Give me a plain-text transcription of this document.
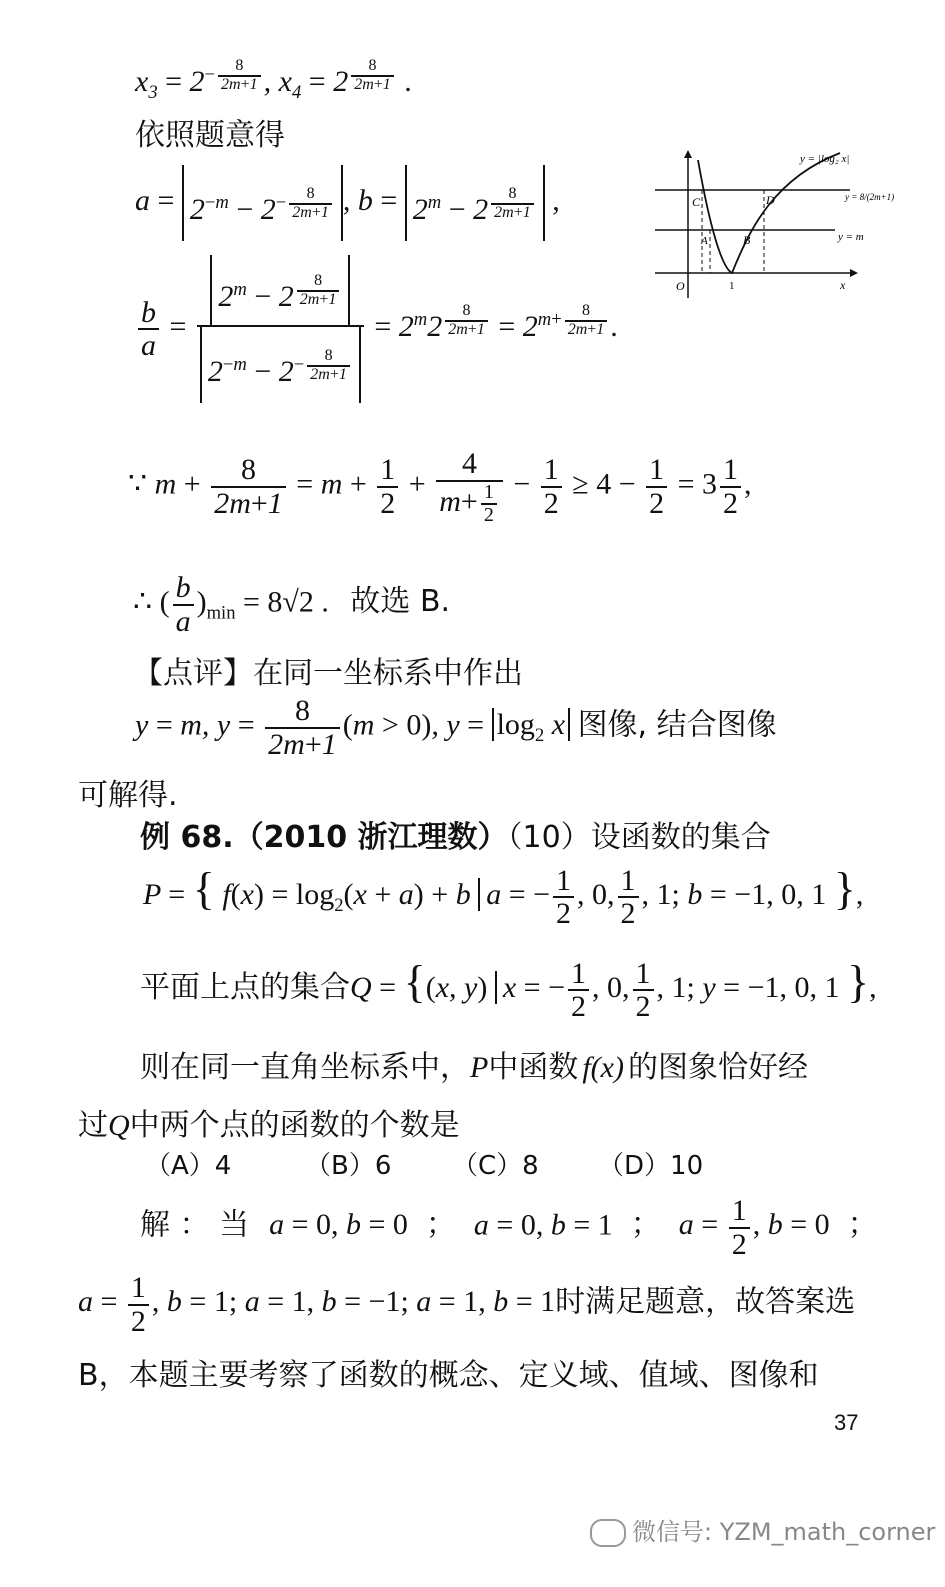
$x_3 = 2^{- \frac{8}{2m+1}}$ , $x_4 = 2$ $^{\frac{8}{2m+1}}$ .
依照题意得
$a = 2^{-m} - 2^{- \frac{8}{2m+1}}$ , $b = 2^m - 2$ $^{\frac{8}{2m+1}}$ ,
y = |log₂ x|
y = 8/(2m+1)
y = m
C	D
A	B
O	1	x
$\frac{b}{a} = 2^m - 2$ $^{\frac{8}{2m+1}}$
$2^{-m} - 2^{- \frac{8}{2m+1}} = 2^m2$ $^{\frac{8}{2m+1}} = 2^{m+ \frac{8}{2m+1}}$ .
∵ $m + \frac{8}{2m+1} = m + \frac{1}{2} + \frac{4}{m+ \frac{1}{2}} - \frac{1}{2} \ge 4 - \frac{1}{2} = 3 \frac{1}{2}$ ,
∴ ( $\frac{b}{a} )_{min} = 8√2$ . 故选 B.
【点评】在同一坐标系中作出
y = m, $y = \frac{8}{2m+1} (m > 0)$, $y = \log_2 x$ 图像, 结合图像
可解得.
例 68.（2010 浙江理数）（10）设函数的集合
P = { $f(x) = \log_2(x + a) + b$ a = − $\frac{1}{2}$ , 0, $\frac{1}{2}$ , 1; b = −1, 0, 1 },
平面上点的集合Q = {(x, y) x = − $\frac{1}{2}$ , 0, $\frac{1}{2}$ , 1; y = −1, 0, 1 },
则在同一直角坐标系中，P中函数 f(x) 的图象恰好经
过Q中两个点的函数的个数是
（A）4	（B）6 （C）8 （D）10
解 ： 当 a = 0, b = 0 ； a = 0, b = 1 ； $a = \frac{1}{2}$ , b = 0 ；
$a = \frac{1}{2}$ , b = 1; a = 1, b = −1; a = 1, b = 1时满足题意，故答案选
B，本题主要考察了函数的概念、定义域、值域、图像和
37
微信号: YZM_math_corner
